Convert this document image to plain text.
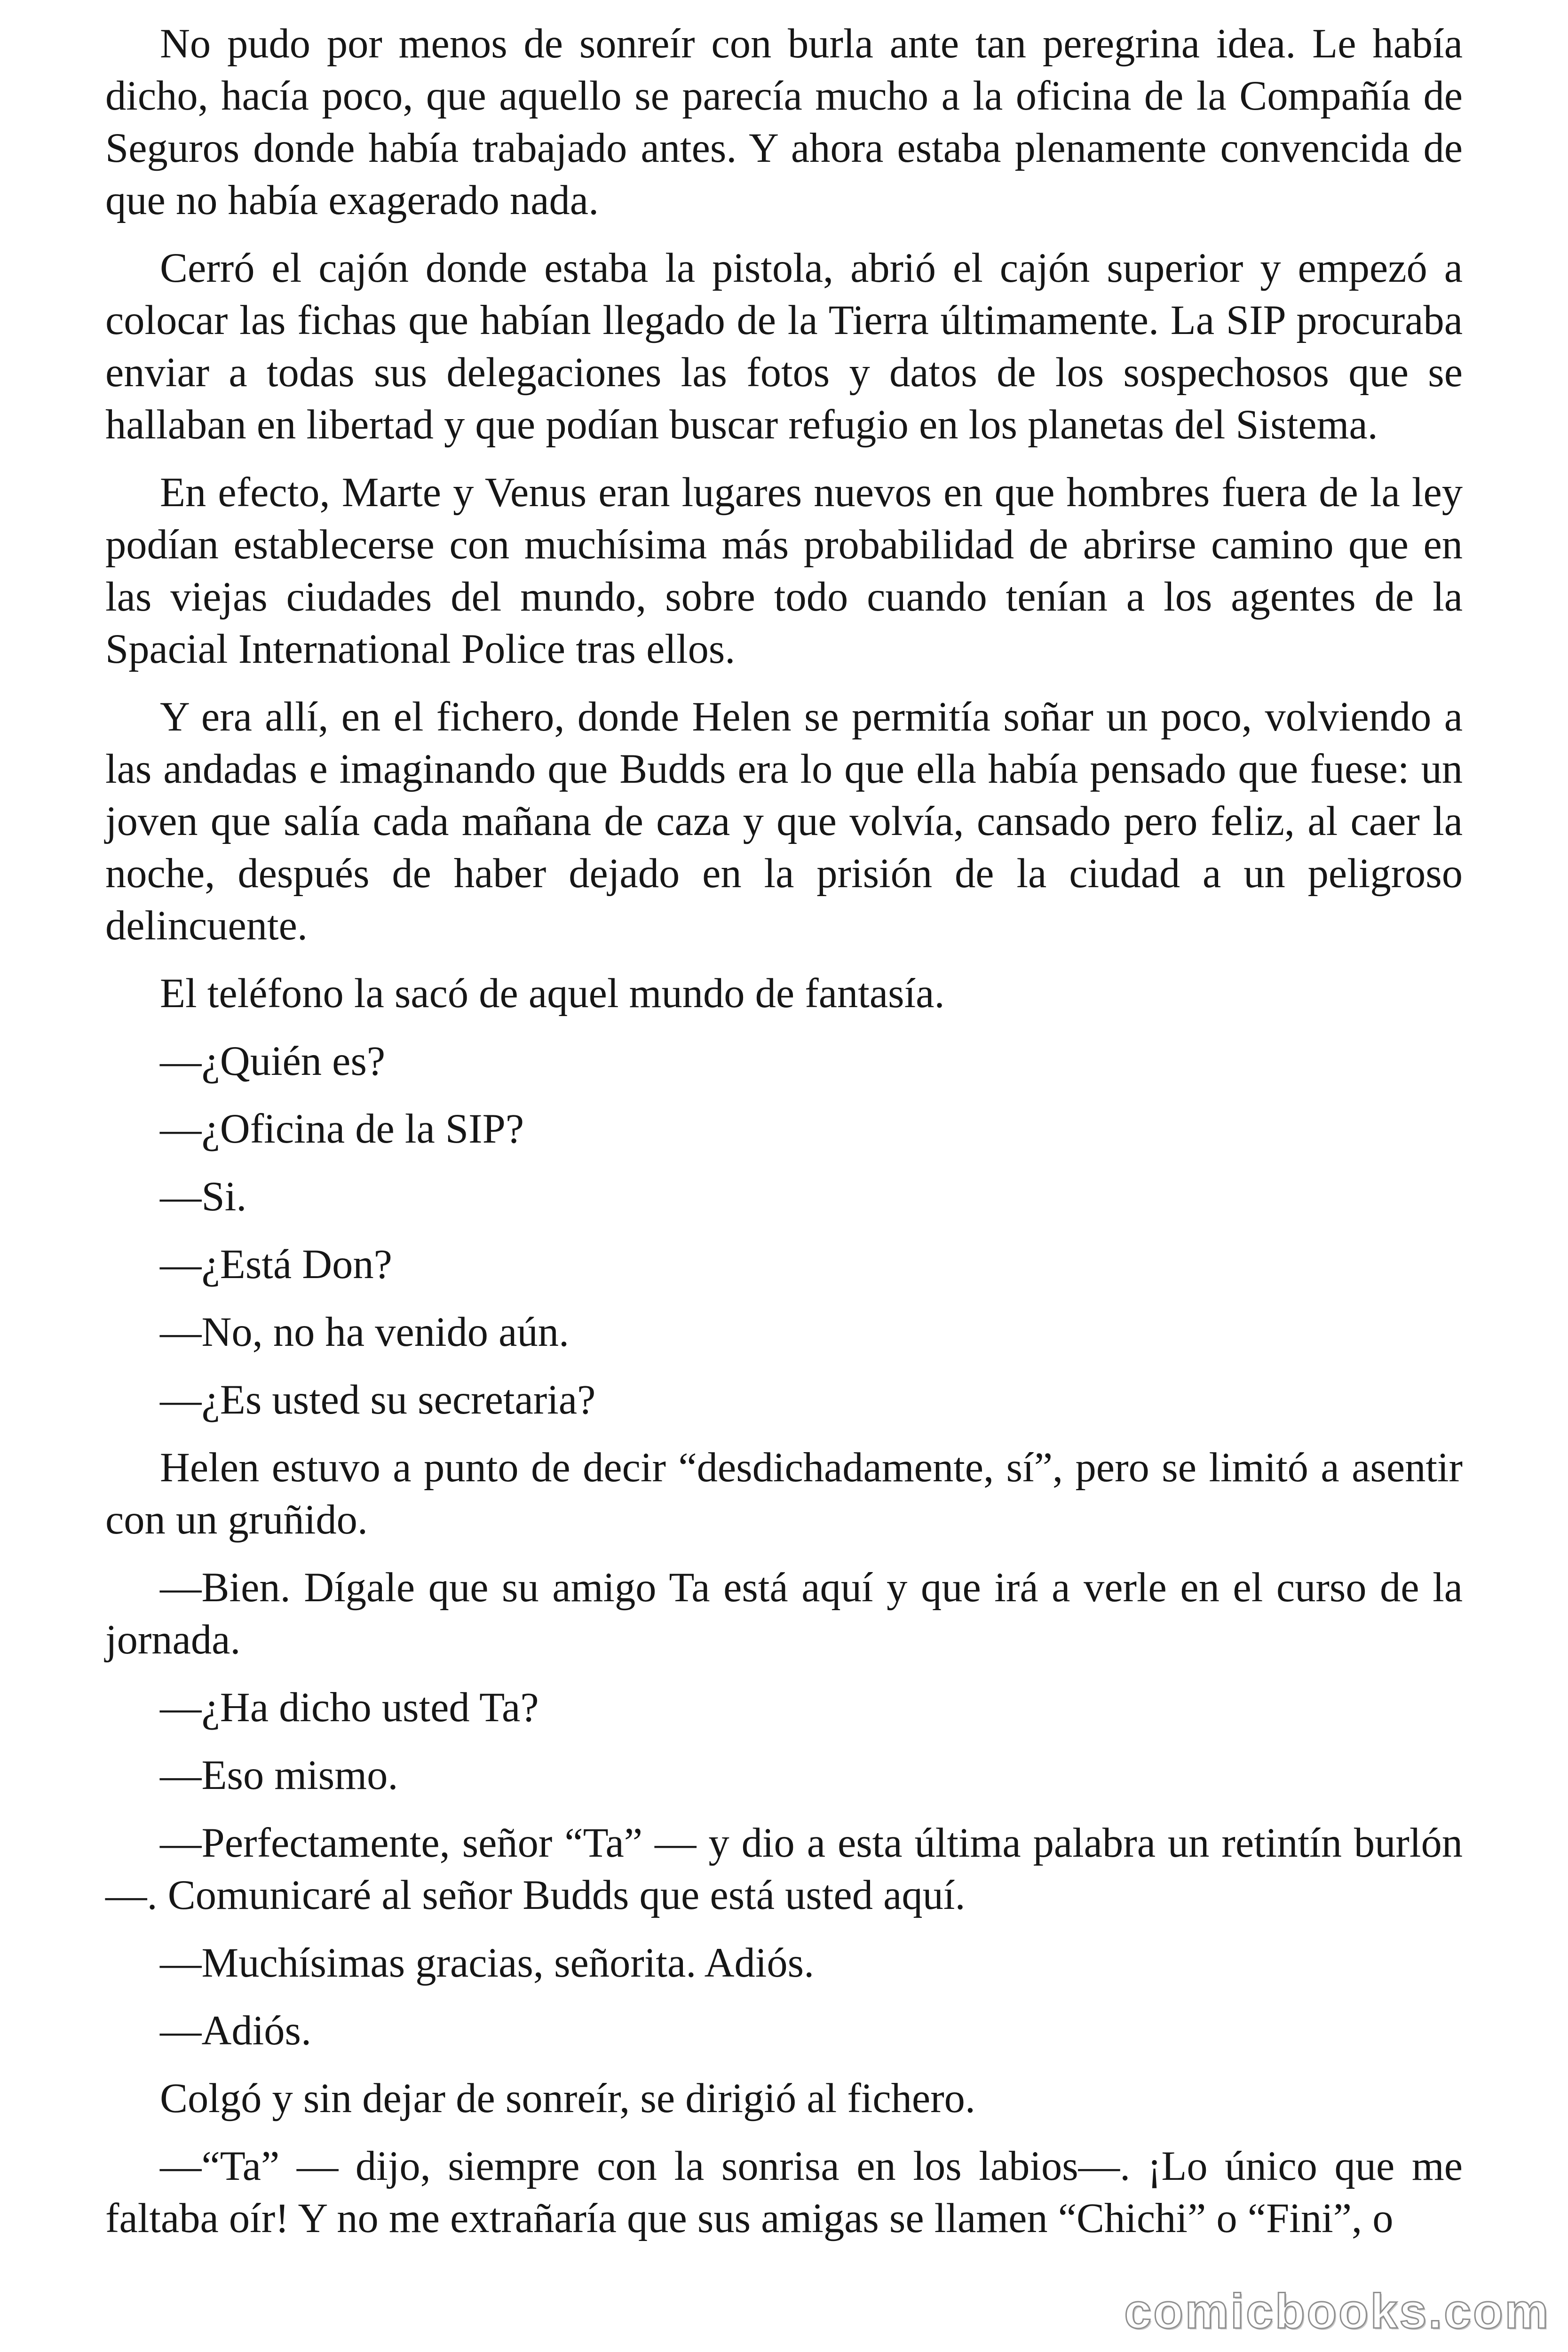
No pudo por menos de sonreír con burla ante tan peregrina idea. Le había dicho, hacía poco, que aquello se parecía mucho a la oficina de la Compañía de Seguros donde había trabajado antes. Y ahora estaba plenamente convencida de que no había exagerado nada.

Cerró el cajón donde estaba la pistola, abrió el cajón superior y empezó a colocar las fichas que habían llegado de la Tierra últimamente. La SIP procuraba enviar a todas sus delegaciones las fotos y datos de los sospechosos que se hallaban en libertad y que podían buscar refugio en los planetas del Sistema.

En efecto, Marte y Venus eran lugares nuevos en que hombres fuera de la ley podían establecerse con muchísima más probabilidad de abrirse camino que en las viejas ciudades del mundo, sobre todo cuando tenían a los agentes de la Spacial International Police tras ellos.

Y era allí, en el fichero, donde Helen se permitía soñar un poco, volviendo a las andadas e imaginando que Budds era lo que ella había pensado que fuese: un joven que salía cada mañana de caza y que volvía, cansado pero feliz, al caer la noche, después de haber dejado en la prisión de la ciudad a un peligroso delincuente.

El teléfono la sacó de aquel mundo de fantasía.

—¿Quién es?

—¿Oficina de la SIP?

—Si.

—¿Está Don?

—No, no ha venido aún.

—¿Es usted su secretaria?

Helen estuvo a punto de decir “desdichadamente, sí”, pero se limitó a asentir con un gruñido.

—Bien. Dígale que su amigo Ta está aquí y que irá a verle en el curso de la jornada.

—¿Ha dicho usted Ta?

—Eso mismo.

—Perfectamente, señor “Ta” — y dio a esta última palabra un retintín burlón—. Comunicaré al señor Budds que está usted aquí.

—Muchísimas gracias, señorita. Adiós.

—Adiós.

Colgó y sin dejar de sonreír, se dirigió al fichero.

—“Ta” — dijo, siempre con la sonrisa en los labios—. ¡Lo único que me faltaba oír! Y no me extrañaría que sus amigas se llamen “Chichi” o “Fini”, o

comicbooks.com
